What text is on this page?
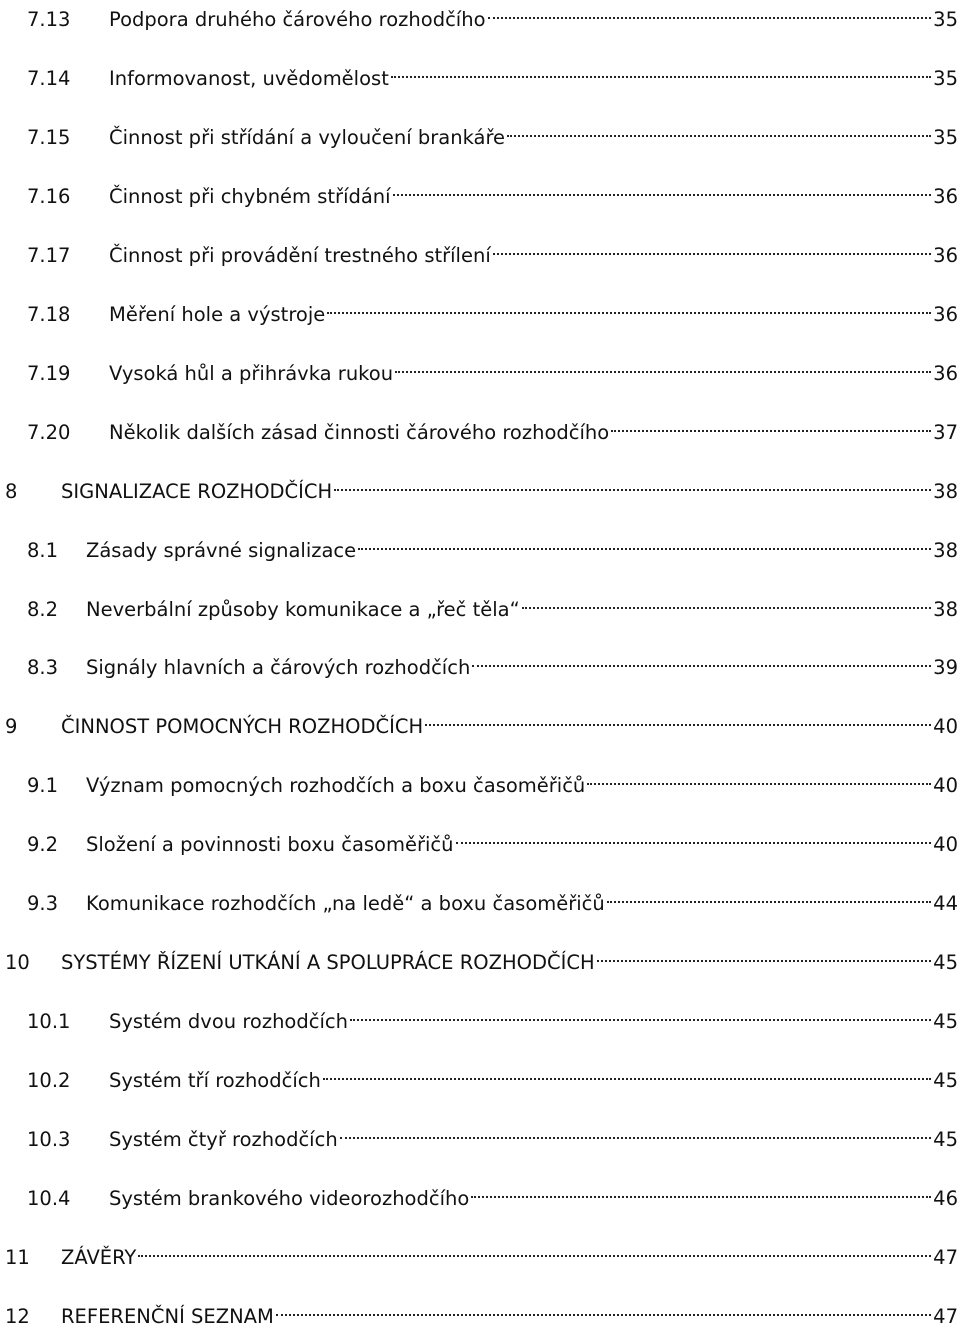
7.13	Podpora druhého čárového rozhodčího	35
7.14	Informovanost, uvědomělost	35
7.15	Činnost při střídání a vyloučení brankáře	35
7.16	Činnost při chybném střídání	36
7.17	Činnost při provádění trestného střílení	36
7.18	Měření hole a výstroje	36
7.19	Vysoká hůl a přihrávka rukou	36
7.20	Několik dalších zásad činnosti čárového rozhodčího	37
8	SIGNALIZACE ROZHODČÍCH	38
8.1	Zásady správné signalizace	38
8.2	Neverbální způsoby komunikace a „řeč těla“	38
8.3	Signály hlavních a čárových rozhodčích	39
9	ČINNOST POMOCNÝCH ROZHODČÍCH	40
9.1	Význam pomocných rozhodčích a boxu časoměřičů	40
9.2	Složení a povinnosti boxu časoměřičů	40
9.3	Komunikace rozhodčích „na ledě“ a boxu časoměřičů	44
10	SYSTÉMY ŘÍZENÍ UTKÁNÍ A SPOLUPRÁCE ROZHODČÍCH	45
10.1	Systém dvou rozhodčích	45
10.2	Systém tří rozhodčích	45
10.3	Systém čtyř rozhodčích	45
10.4	Systém brankového videorozhodčího	46
11	ZÁVĚRY	47
12	REFERENČNÍ SEZNAM	47
